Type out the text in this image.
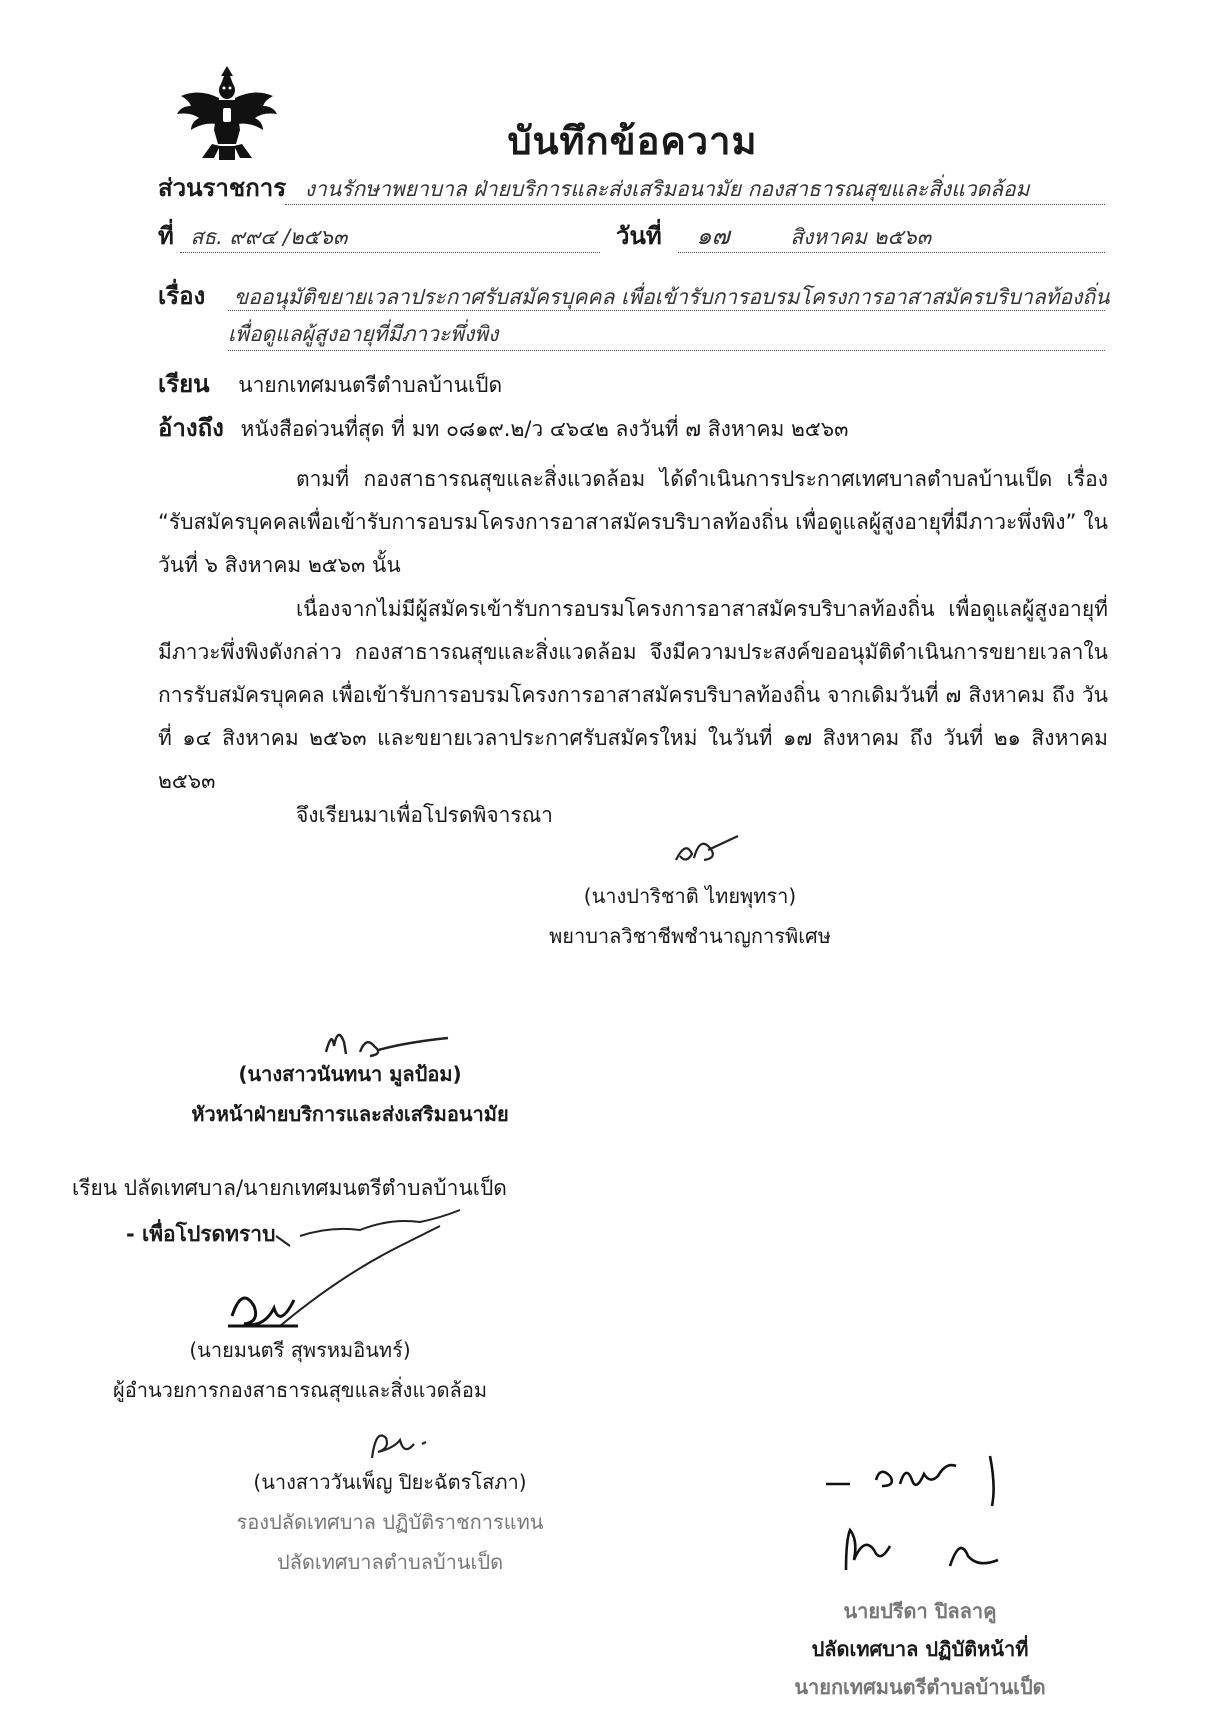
บันทึกข้อความ
ส่วนราชการ งานรักษาพยาบาล ฝ่ายบริการและส่งเสริมอนามัย กองสาธารณสุขและสิ่งแวดล้อม
ที่ สธ. ๙๙๔ /๒๕๖๓	วันที่ ๑๗	สิงหาคม ๒๕๖๓
เรื่อง ขออนุมัติขยายเวลาประกาศรับสมัครบุคคล เพื่อเข้ารับการอบรมโครงการอาสาสมัครบริบาลท้องถิ่น
เพื่อดูแลผู้สูงอายุที่มีภาวะพึ่งพิง
เรียน นายกเทศมนตรีตำบลบ้านเป็ด
อ้างถึง หนังสือด่วนที่สุด ที่ มท ๐๘๑๙.๒/ว ๔๖๔๒ ลงวันที่ ๗ สิงหาคม ๒๕๖๓
ตามที่ กองสาธารณสุขและสิ่งแวดล้อม ได้ดำเนินการประกาศเทศบาลตำบลบ้านเป็ด เรื่อง “รับสมัครบุคคลเพื่อเข้ารับการอบรมโครงการอาสาสมัครบริบาลท้องถิ่น เพื่อดูแลผู้สูงอายุที่มีภาวะพึ่งพิง” ในวันที่ ๖ สิงหาคม ๒๕๖๓ นั้น
เนื่องจากไม่มีผู้สมัครเข้ารับการอบรมโครงการอาสาสมัครบริบาลท้องถิ่น เพื่อดูแลผู้สูงอายุที่มีภาวะพึ่งพิงดังกล่าว กองสาธารณสุขและสิ่งแวดล้อม จึงมีความประสงค์ขออนุมัติดำเนินการขยายเวลาในการรับสมัครบุคคล เพื่อเข้ารับการอบรมโครงการอาสาสมัครบริบาลท้องถิ่น จากเดิมวันที่ ๗ สิงหาคม ถึง วันที่ ๑๔ สิงหาคม ๒๕๖๓ และขยายเวลาประกาศรับสมัครใหม่ ในวันที่ ๑๗ สิงหาคม ถึง วันที่ ๒๑ สิงหาคม ๒๕๖๓
จึงเรียนมาเพื่อโปรดพิจารณา
(นางปาริชาติ ไทยพุทรา)
พยาบาลวิชาชีพชำนาญการพิเศษ
(นางสาวนันทนา มูลป้อม)
หัวหน้าฝ่ายบริการและส่งเสริมอนามัย
เรียน ปลัดเทศบาล/นายกเทศมนตรีตำบลบ้านเป็ด
- เพื่อโปรดทราบ
(นายมนตรี สุพรหมอินทร์)
ผู้อำนวยการกองสาธารณสุขและสิ่งแวดล้อม
(นางสาววันเพ็ญ ปิยะฉัตรโสภา)
รองปลัดเทศบาล ปฏิบัติราชการแทน
ปลัดเทศบาลตำบลบ้านเป็ด
นายปรีดา ปิลลาคู
ปลัดเทศบาล ปฏิบัติหน้าที่
นายกเทศมนตรีตำบลบ้านเป็ด
